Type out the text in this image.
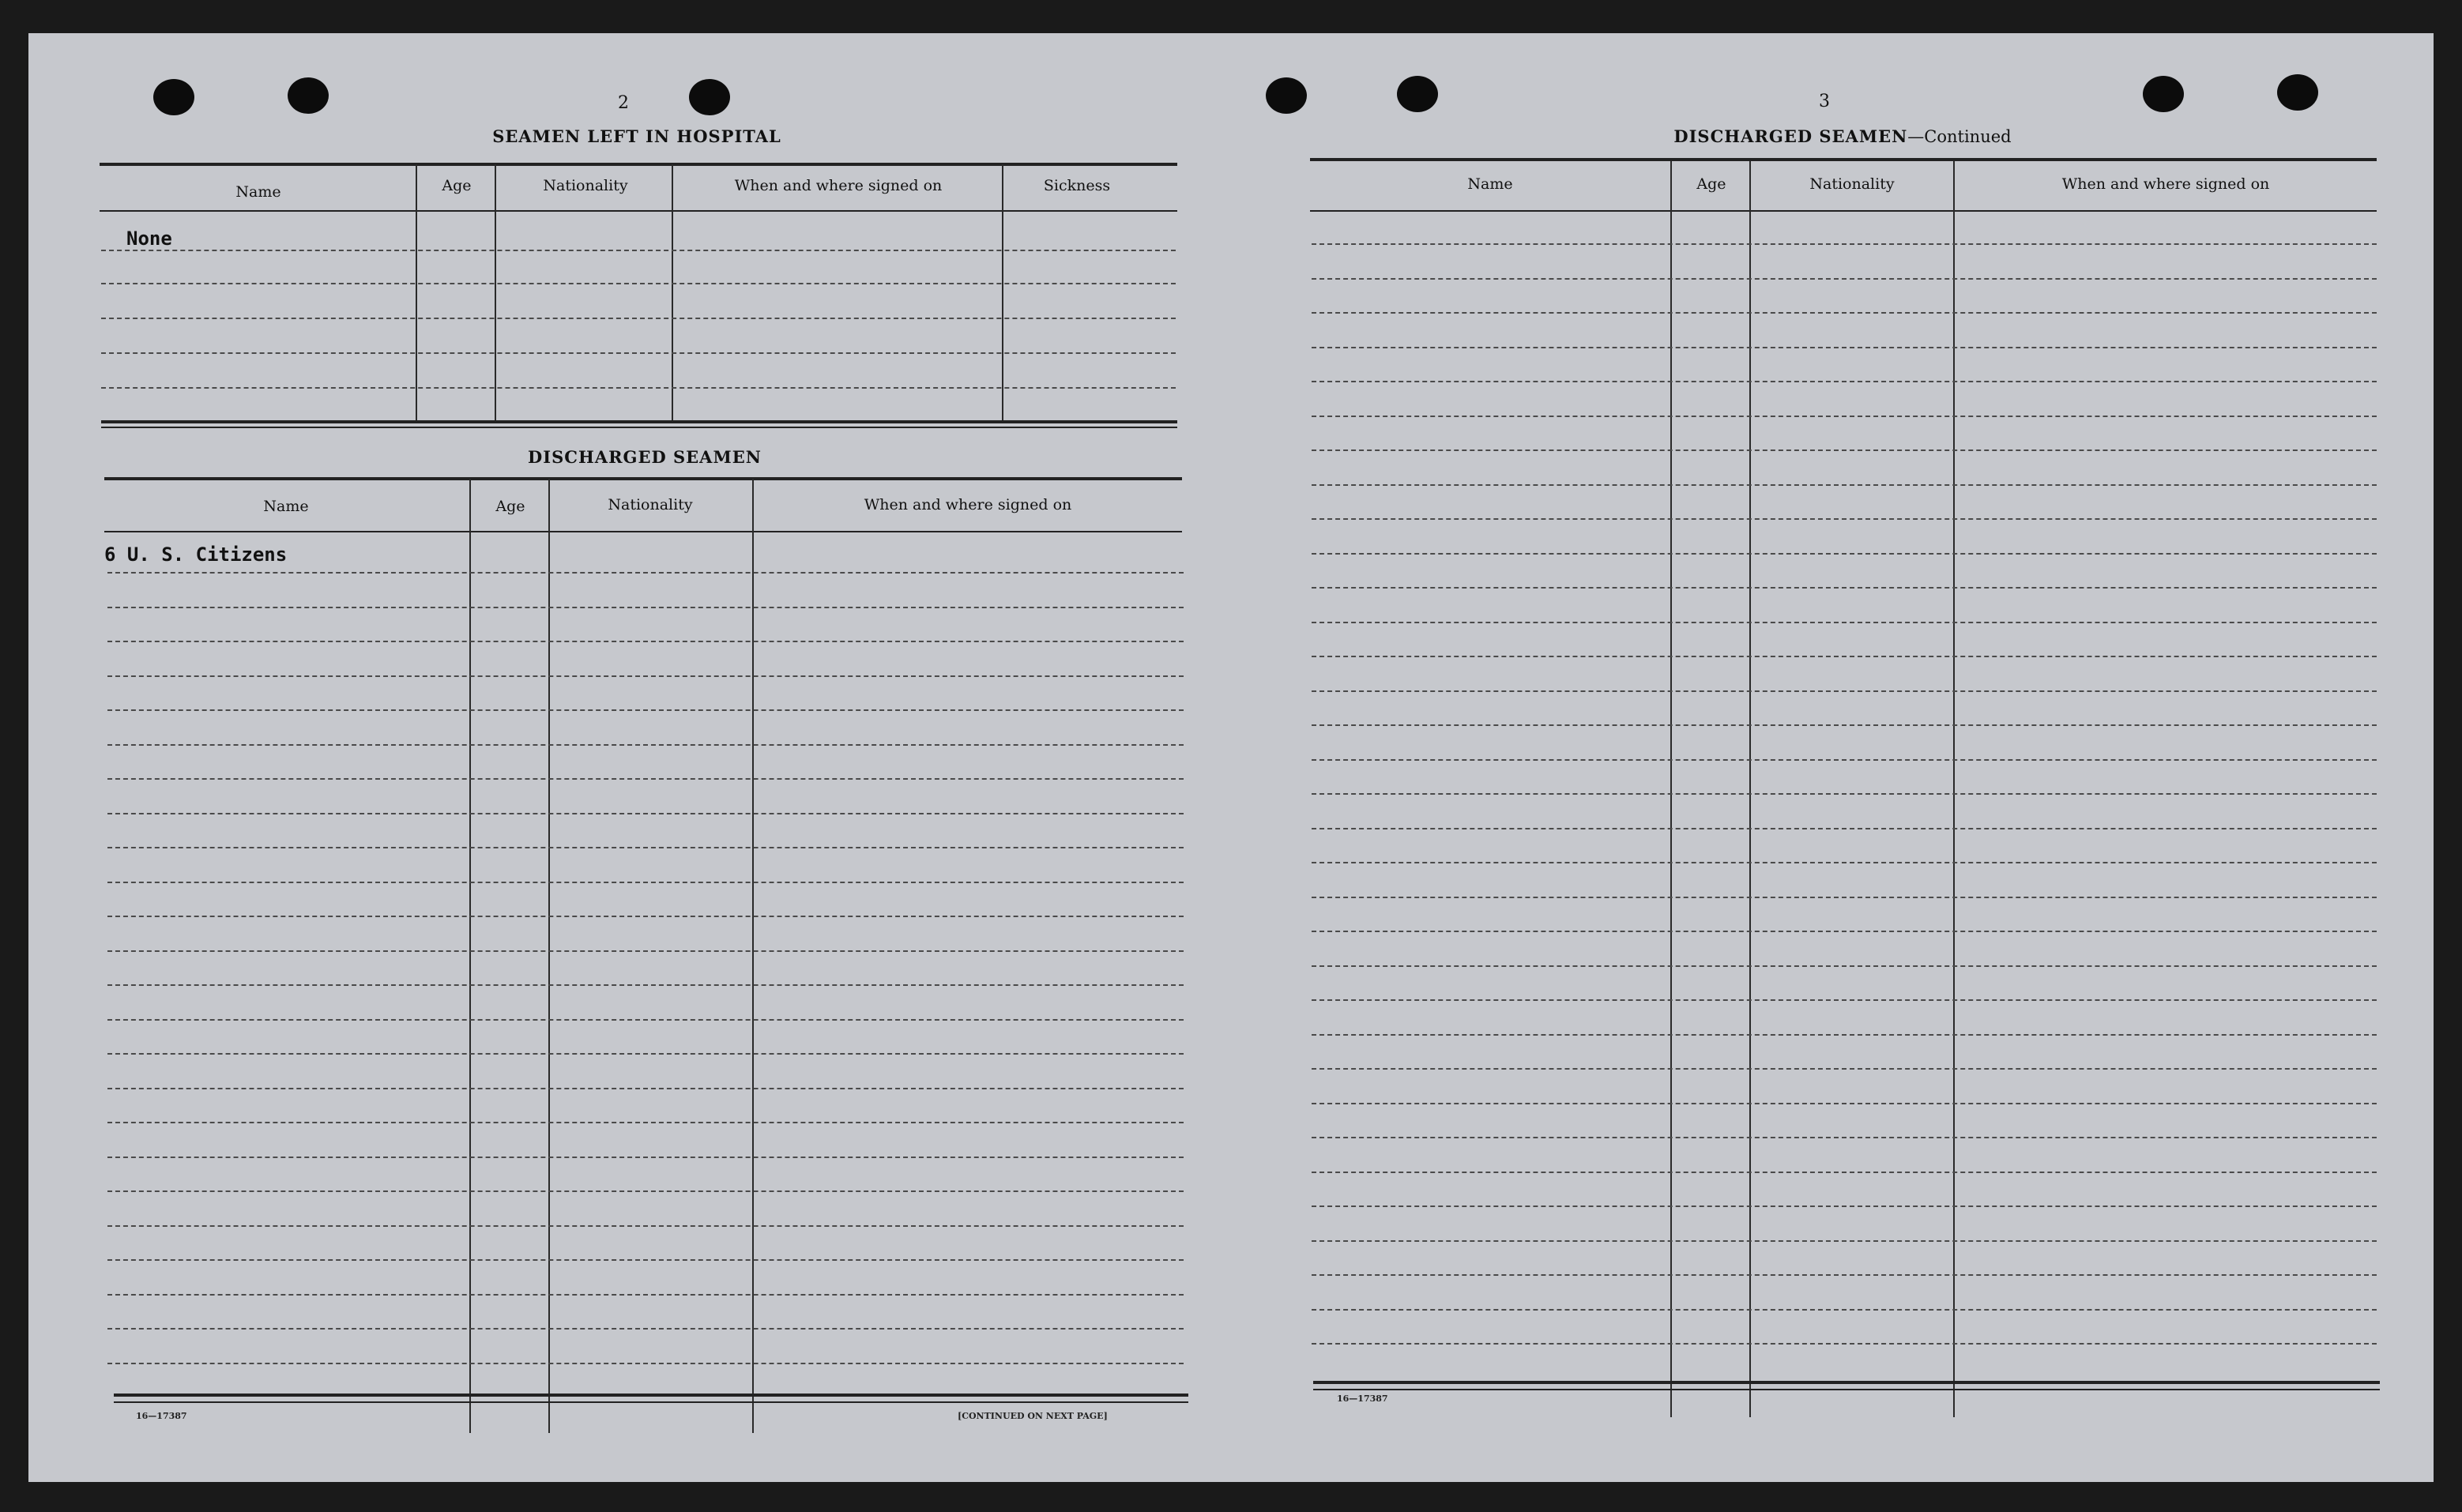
2
SEAMEN LEFT IN HOSPITAL
Name	Age	Nationality	When and where signed on	Sickness
None
DISCHARGED SEAMEN
Name	Age	Nationality	When and where signed on
6 U. S. Citizens
16—17387	[CONTINUED ON NEXT PAGE]
3
DISCHARGED SEAMEN—Continued
Name	Age	Nationality	When and where signed on
16—17387
